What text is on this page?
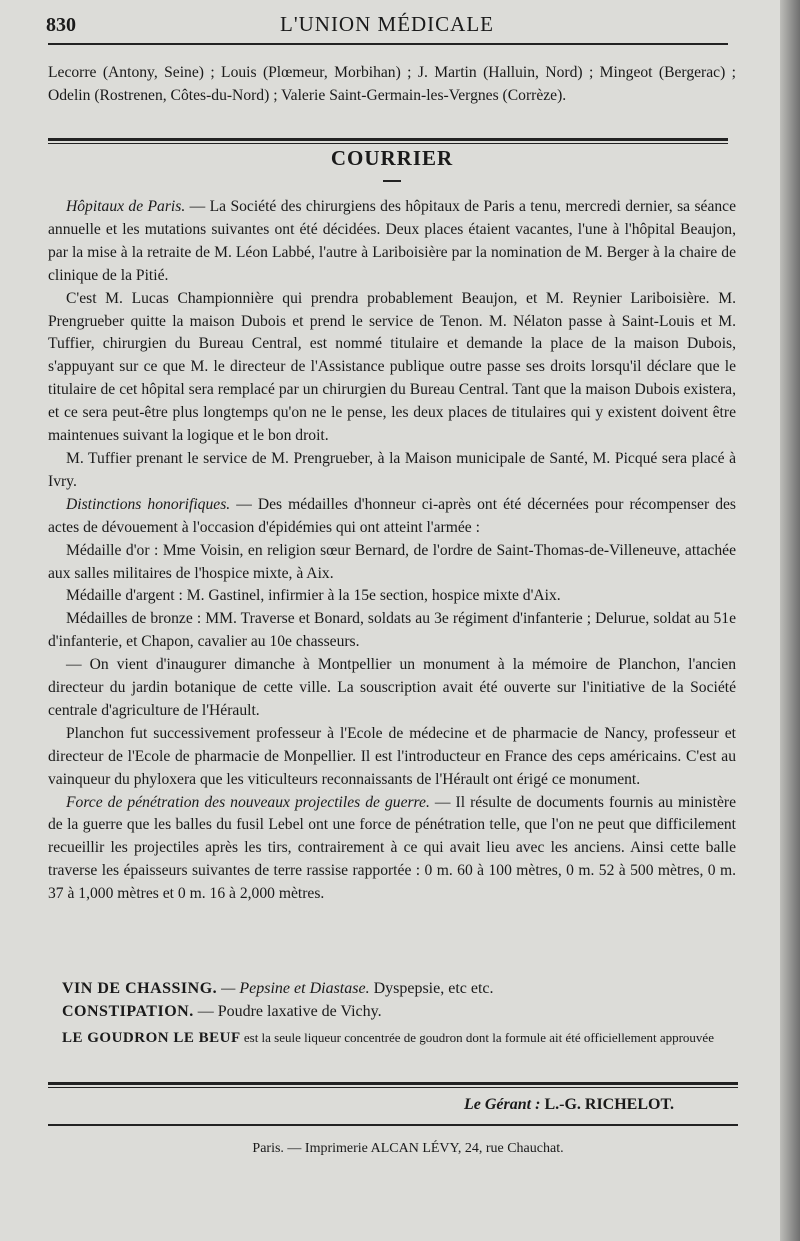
830	L'UNION MÉDICALE

Lecorre (Antony, Seine) ; Louis (Plœmeur, Morbihan) ; J. Martin (Halluin, Nord) ; Mingeot (Bergerac) ; Odelin (Rostrenen, Côtes-du-Nord) ; Valerie Saint-Germain-les-Vergnes (Corrèze).

COURRIER

Hôpitaux de Paris. — La Société des chirurgiens des hôpitaux de Paris a tenu, mercredi dernier, sa séance annuelle et les mutations suivantes ont été décidées. Deux places étaient vacantes, l'une à l'hôpital Beaujon, par la mise à la retraite de M. Léon Labbé, l'autre à Lariboisière par la nomination de M. Berger à la chaire de clinique de la Pitié.

C'est M. Lucas Championnière qui prendra probablement Beaujon, et M. Reynier Lariboisière. M. Prengrueber quitte la maison Dubois et prend le service de Tenon. M. Nélaton passe à Saint-Louis et M. Tuffier, chirurgien du Bureau Central, est nommé titulaire et demande la place de la maison Dubois, s'appuyant sur ce que M. le directeur de l'Assistance publique outre passe ses droits lorsqu'il déclare que le titulaire de cet hôpital sera remplacé par un chirurgien du Bureau Central. Tant que la maison Dubois existera, et ce sera peut-être plus longtemps qu'on ne le pense, les deux places de titulaires qui y existent doivent être maintenues suivant la logique et le bon droit.

M. Tuffier prenant le service de M. Prengrueber, à la Maison municipale de Santé, M. Picqué sera placé à Ivry.

Distinctions honorifiques. — Des médailles d'honneur ci-après ont été décernées pour récompenser des actes de dévouement à l'occasion d'épidémies qui ont atteint l'armée :

Médaille d'or : Mme Voisin, en religion sœur Bernard, de l'ordre de Saint-Thomas-de-Villeneuve, attachée aux salles militaires de l'hospice mixte, à Aix.

Médaille d'argent : M. Gastinel, infirmier à la 15e section, hospice mixte d'Aix.

Médailles de bronze : MM. Traverse et Bonard, soldats au 3e régiment d'infanterie ; Delurue, soldat au 51e d'infanterie, et Chapon, cavalier au 10e chasseurs.

— On vient d'inaugurer dimanche à Montpellier un monument à la mémoire de Planchon, l'ancien directeur du jardin botanique de cette ville. La souscription avait été ouverte sur l'initiative de la Société centrale d'agriculture de l'Hérault.

Planchon fut successivement professeur à l'Ecole de médecine et de pharmacie de Nancy, professeur et directeur de l'Ecole de pharmacie de Monpellier. Il est l'introducteur en France des ceps américains. C'est au vainqueur du phyloxera que les viticulteurs reconnaissants de l'Hérault ont érigé ce monument.

Force de pénétration des nouveaux projectiles de guerre. — Il résulte de documents fournis au ministère de la guerre que les balles du fusil Lebel ont une force de pénétration telle, que l'on ne peut que difficilement recueillir les projectiles après les tirs, contrairement à ce qui avait lieu avec les anciens. Ainsi cette balle traverse les épaisseurs suivantes de terre rassise rapportée : 0 m. 60 à 100 mètres, 0 m. 52 à 500 mètres, 0 m. 37 à 1,000 mètres et 0 m. 16 à 2,000 mètres.

VIN DE CHASSING. — Pepsine et Diastase. Dyspepsie, etc etc.
CONSTIPATION. — Poudre laxative de Vichy.
LE GOUDRON LE BEUF est la seule liqueur concentrée de goudron dont la formule ait été officiellement approuvée
Le Gérant : L.-G. RICHELOT.
Paris. — Imprimerie ALCAN LÉVY, 24, rue Chauchat.
